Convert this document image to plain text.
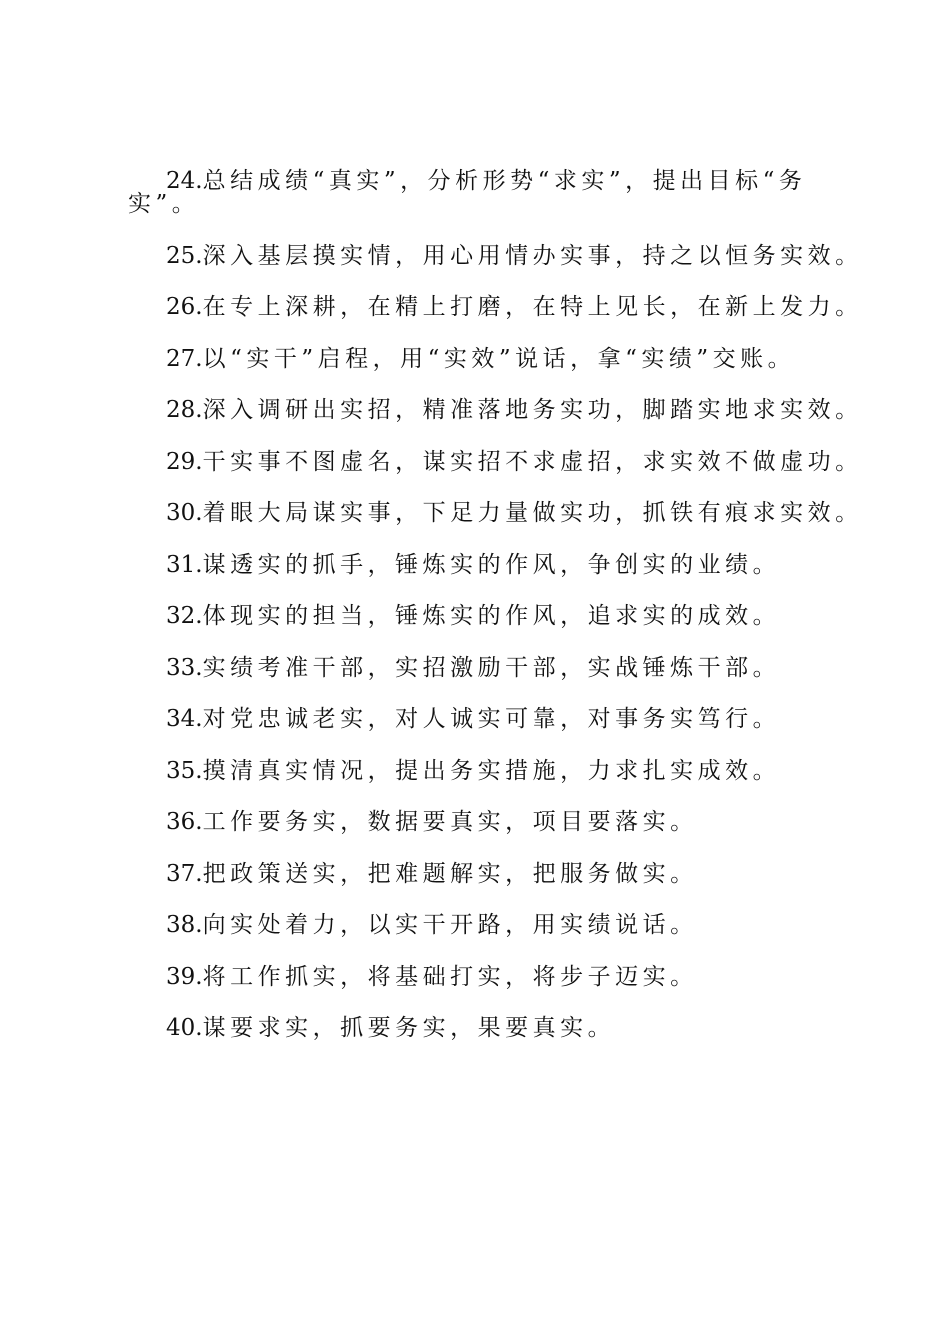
24.总结成绩“真实”，分析形势“求实”，提出目标“务
实”。
25.深入基层摸实情，用心用情办实事，持之以恒务实效。
26.在专上深耕，在精上打磨，在特上见长，在新上发力。
27.以“实干”启程，用“实效”说话，拿“实绩”交账。
28.深入调研出实招，精准落地务实功，脚踏实地求实效。
29.干实事不图虚名，谋实招不求虚招，求实效不做虚功。
30.着眼大局谋实事，下足力量做实功，抓铁有痕求实效。
31.谋透实的抓手，锤炼实的作风，争创实的业绩。
32.体现实的担当，锤炼实的作风，追求实的成效。
33.实绩考准干部，实招激励干部，实战锤炼干部。
34.对党忠诚老实，对人诚实可靠，对事务实笃行。
35.摸清真实情况，提出务实措施，力求扎实成效。
36.工作要务实，数据要真实，项目要落实。
37.把政策送实，把难题解实，把服务做实。
38.向实处着力，以实干开路，用实绩说话。
39.将工作抓实，将基础打实，将步子迈实。
40.谋要求实，抓要务实，果要真实。
